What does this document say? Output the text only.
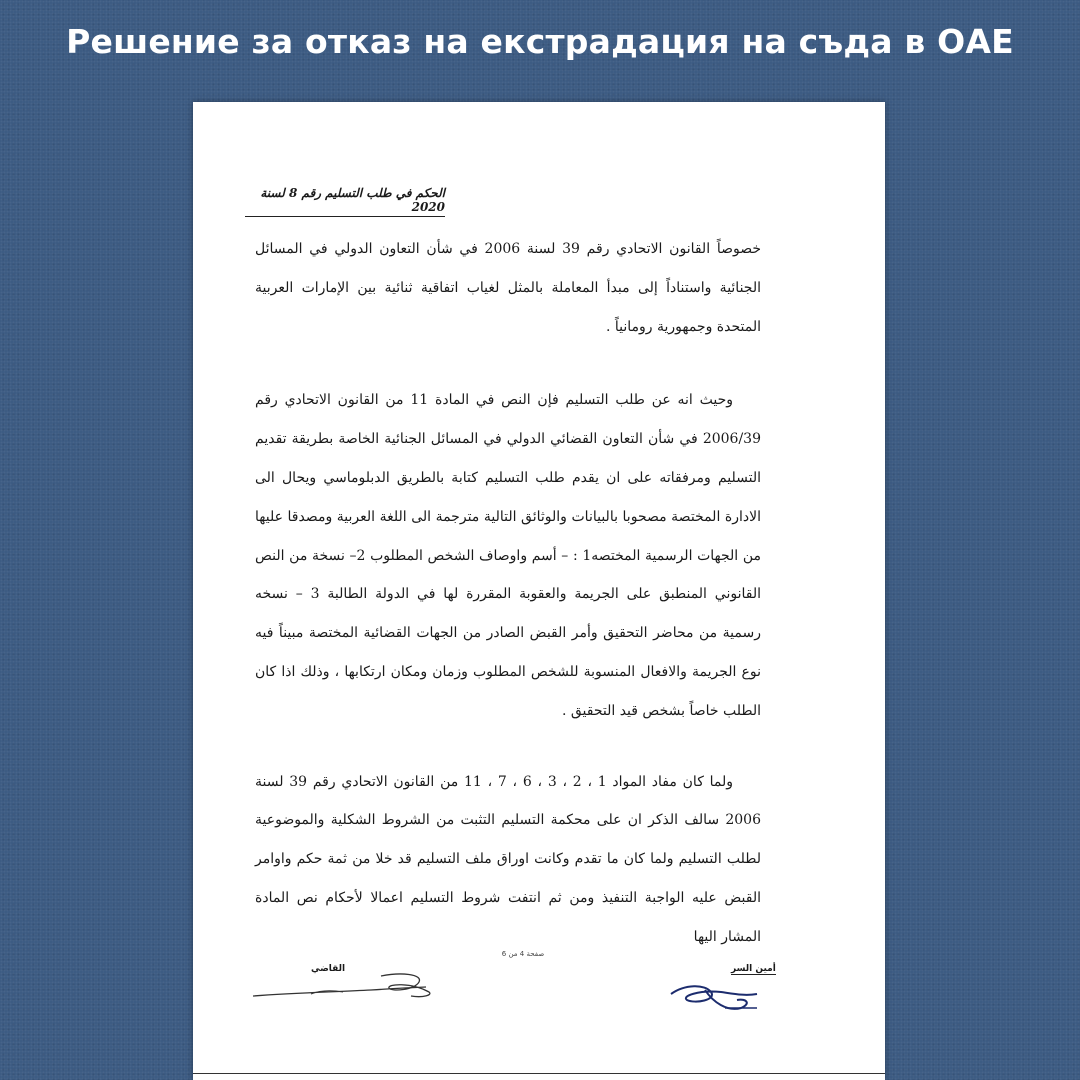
Решение за отказ на екстрадация на съда в ОАЕ
الحكم في طلب التسليم رقم 8 لسنة 2020

خصوصاً القانون الاتحادي رقم 39 لسنة 2006 في شأن التعاون الدولي في المسائل الجنائية واستناداً إلى مبدأ المعاملة بالمثل لغياب اتفاقية ثنائية بين الإمارات العربية المتحدة وجمهورية رومانياً .

وحيث انه عن طلب التسليم فإن النص في المادة 11 من القانون الاتحادي رقم 2006/39 في شأن التعاون القضائي الدولي في المسائل الجنائية الخاصة بطريقة تقديم التسليم ومرفقاته على ان يقدم طلب التسليم كتابة بالطريق الدبلوماسي ويحال الى الادارة المختصة مصحوبا بالبيانات والوثائق التالية مترجمة الى اللغة العربية ومصدقا عليها من الجهات الرسمية المختصه1 : – أسم واوصاف الشخص المطلوب 2– نسخة من النص القانوني المنطبق على الجريمة والعقوبة المقررة لها في الدولة الطالبة 3 – نسخه رسمية من محاضر التحقيق وأمر القبض الصادر من الجهات القضائية المختصة مبيناً فيه نوع الجريمة والافعال المنسوبة للشخص المطلوب وزمان ومكان ارتكابها ، وذلك اذا كان الطلب خاصاً بشخص قيد التحقيق .

ولما كان مفاد المواد 1 ، 2 ، 3 ، 6 ، 7 ، 11 من القانون الاتحادي رقم 39 لسنة 2006 سالف الذكر ان على محكمة التسليم التثبت من الشروط الشكلية والموضوعية لطلب التسليم ولما كان ما تقدم وكانت اوراق ملف التسليم قد خلا من ثمة حكم واوامر القبض عليه الواجبة التنفيذ ومن ثم انتفت شروط التسليم اعمالا لأحكام نص المادة المشار اليها

صفحة 4 من 6
القاضي	أمين السر
